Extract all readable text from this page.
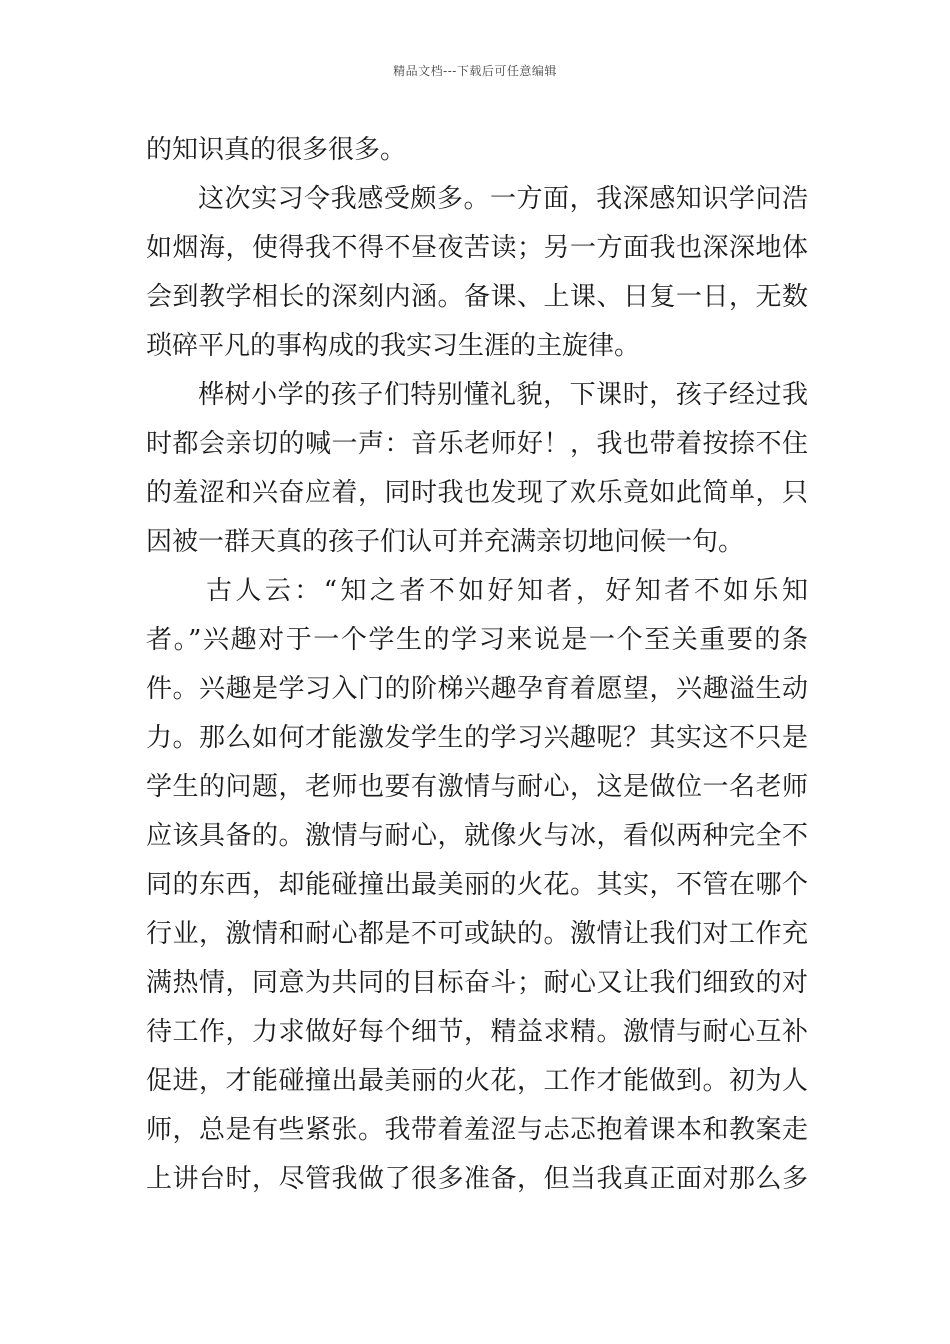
精品文档---下载后可任意编辑
的知识真的很多很多。
这次实习令我感受颇多。一方面，我深感知识学问浩
如烟海，使得我不得不昼夜苦读；另一方面我也深深地体
会到教学相长的深刻内涵。备课、上课、日复一日，无数
琐碎平凡的事构成的我实习生涯的主旋律。
桦树小学的孩子们特别懂礼貌，下课时，孩子经过我
时都会亲切的喊一声：音乐老师好！，我也带着按捺不住
的羞涩和兴奋应着，同时我也发现了欢乐竟如此简单，只
因被一群天真的孩子们认可并充满亲切地问候一句。
古人云：“知之者不如好知者，好知者不如乐知
者。”兴趣对于一个学生的学习来说是一个至关重要的条
件。兴趣是学习入门的阶梯兴趣孕育着愿望，兴趣溢生动
力。那么如何才能激发学生的学习兴趣呢？其实这不只是
学生的问题，老师也要有激情与耐心，这是做位一名老师
应该具备的。激情与耐心，就像火与冰，看似两种完全不
同的东西，却能碰撞出最美丽的火花。其实，不管在哪个
行业，激情和耐心都是不可或缺的。激情让我们对工作充
满热情，同意为共同的目标奋斗；耐心又让我们细致的对
待工作，力求做好每个细节，精益求精。激情与耐心互补
促进，才能碰撞出最美丽的火花，工作才能做到。初为人
师，总是有些紧张。我带着羞涩与忐忑抱着课本和教案走
上讲台时，尽管我做了很多准备，但当我真正面对那么多
